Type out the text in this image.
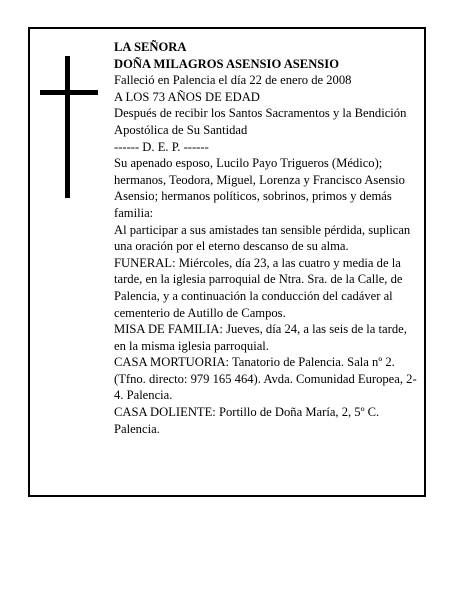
LA SEÑORA

DOÑA MILAGROS ASENSIO ASENSIO

Falleció en Palencia el día 22 de enero de 2008

A LOS 73 AÑOS DE EDAD

Después de recibir los Santos Sacramentos y la Bendición Apostólica de Su Santidad

------ D. E. P. ------

Su apenado esposo, Lucilo Payo Trigueros (Médico); hermanos, Teodora, Miguel, Lorenza y Francisco Asensio Asensio; hermanos políticos, sobrinos, primos y demás familia:

Al participar a sus amistades tan sensible pérdida, suplican una oración por el eterno descanso de su alma.

FUNERAL: Miércoles, día 23, a las cuatro y media de la tarde, en la iglesia parroquial de Ntra. Sra. de la Calle, de Palencia, y a continuación la conducción del cadáver al cementerio de Autillo de Campos.

MISA DE FAMILIA: Jueves, día 24, a las seis de la tarde, en la misma iglesia parroquial.

CASA MORTUORIA: Tanatorio de Palencia. Sala nº 2. (Tfno. directo: 979 165 464). Avda. Comunidad Europea, 2-4. Palencia.

CASA DOLIENTE: Portillo de Doña María, 2, 5º C. Palencia.
